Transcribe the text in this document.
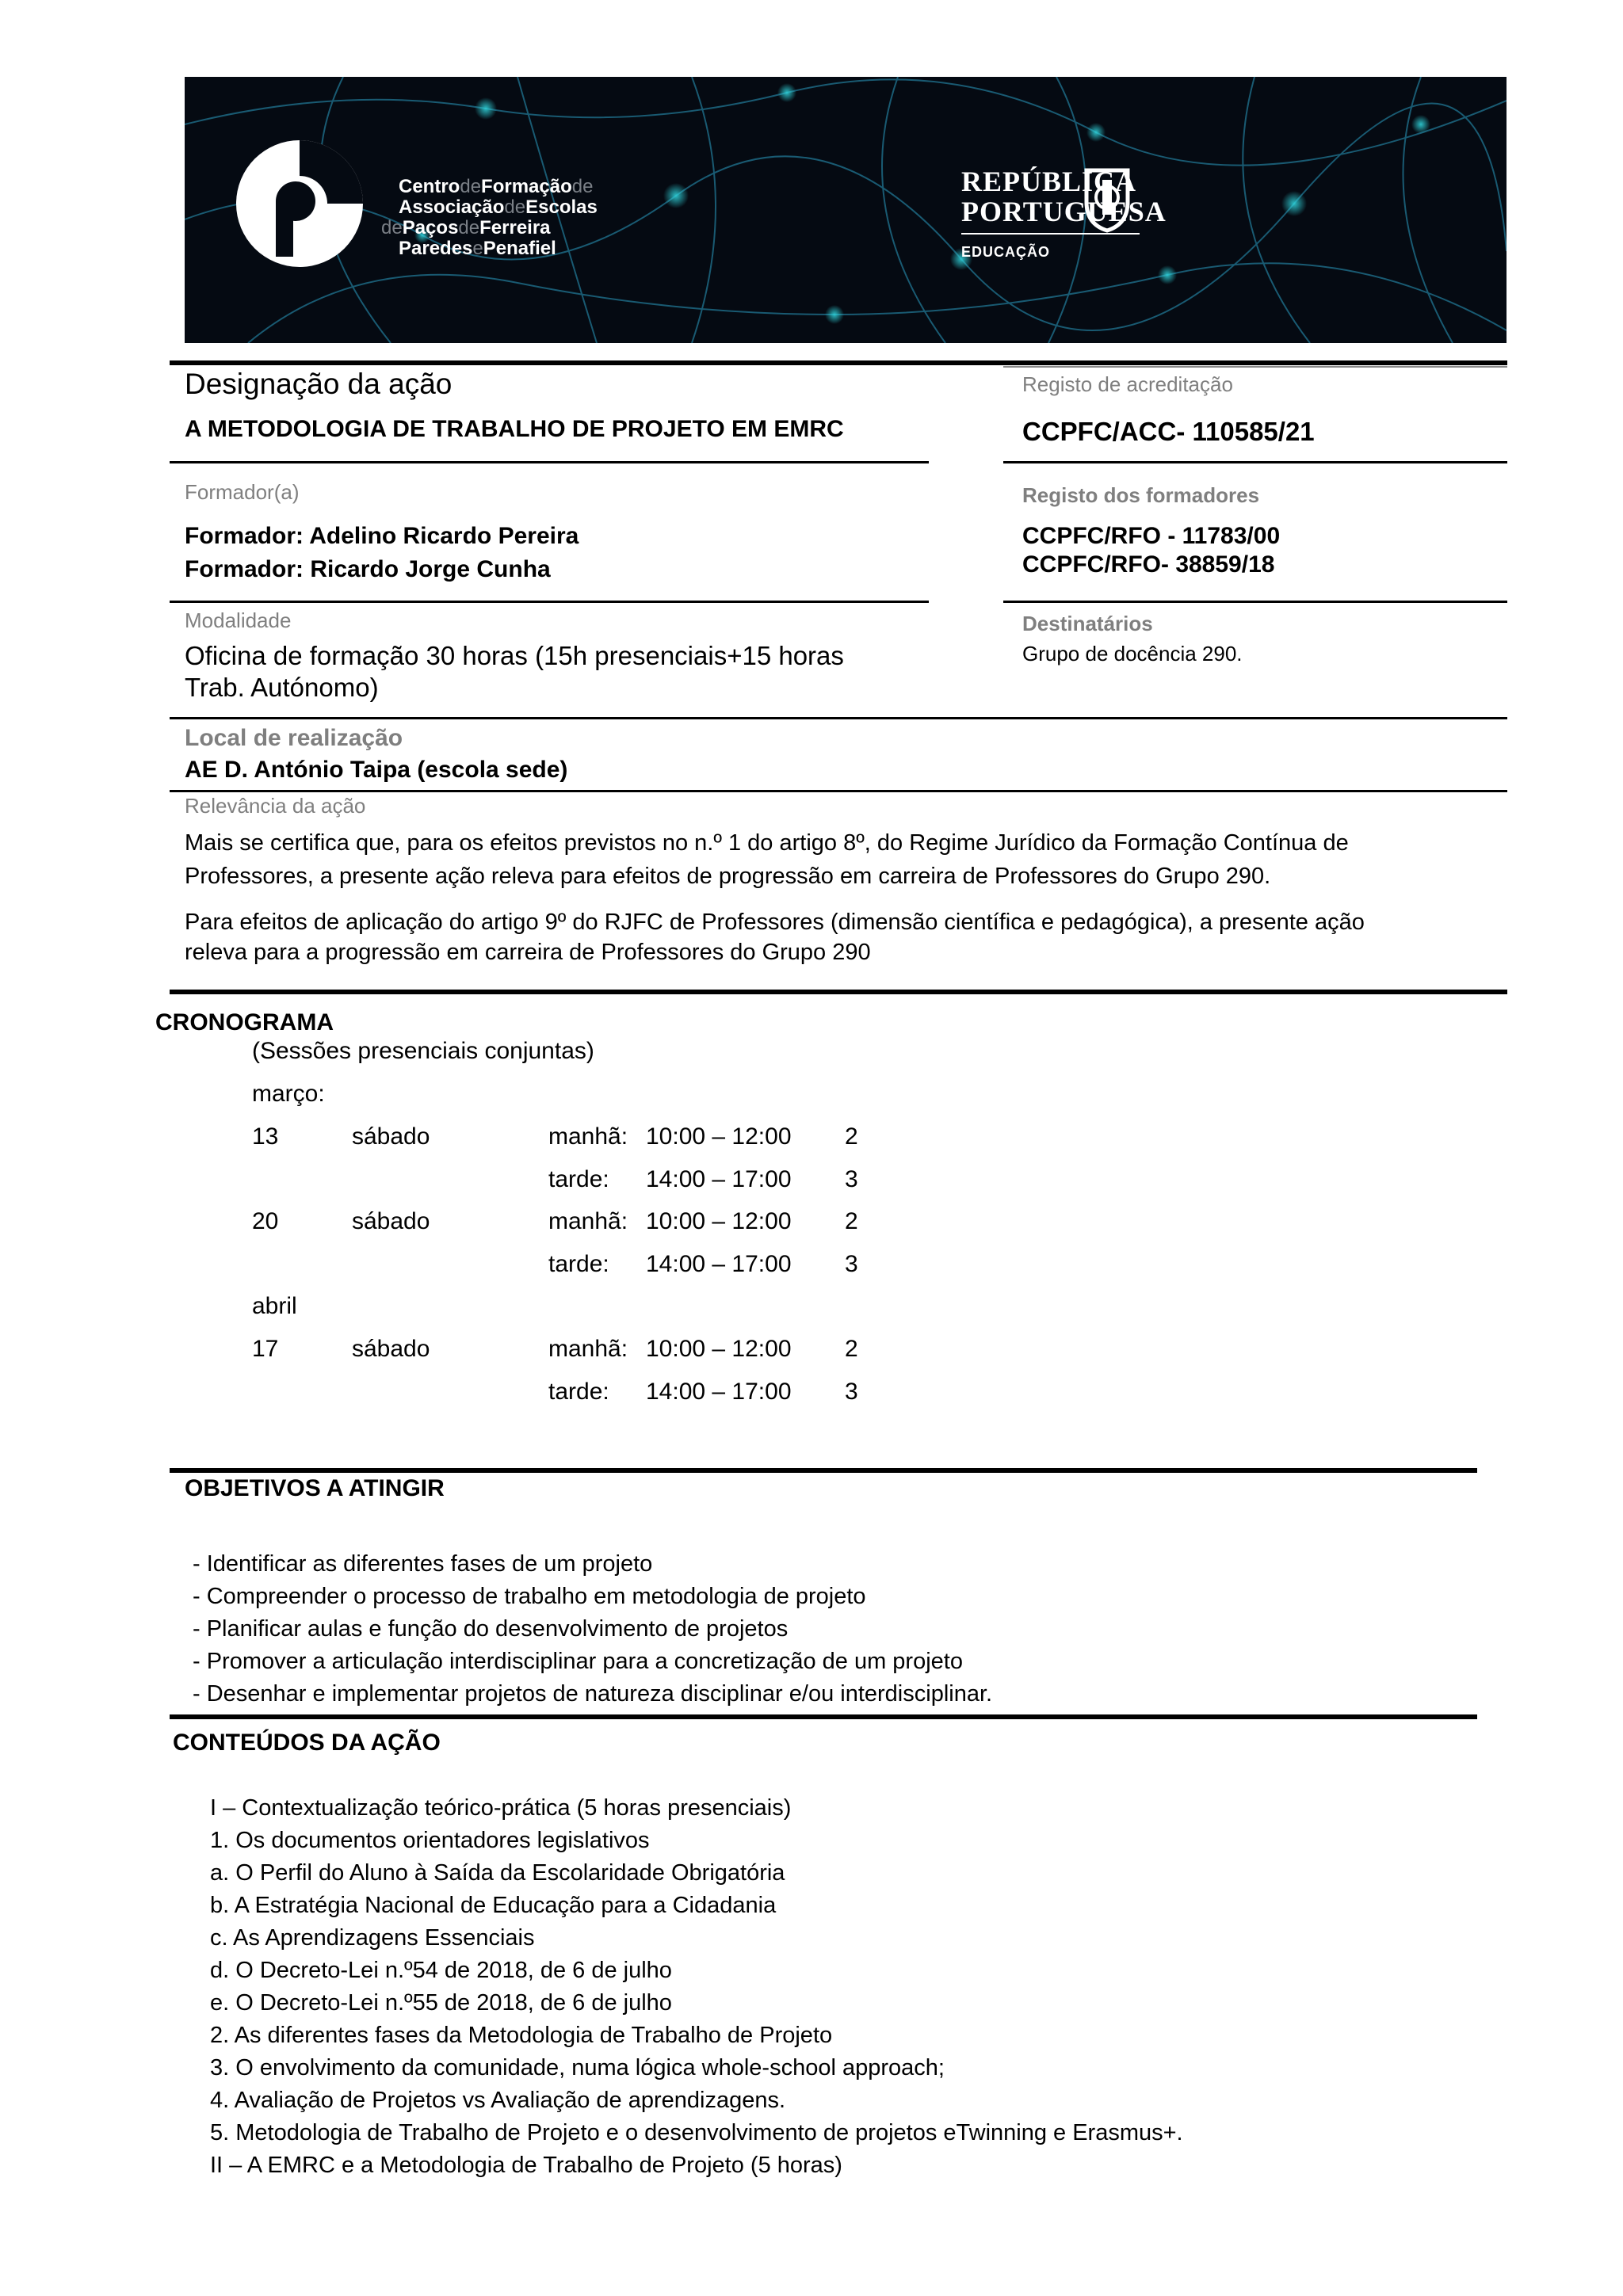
CentrodeFormaçãode
AssociaçãodeEscolas
dePaçosdeFerreira
ParedesePenafiel
REPÚBLICA
PORTUGUESA
EDUCAÇÃO
Designação da ação
A METODOLOGIA DE TRABALHO DE PROJETO EM EMRC
Formador(a)
Formador: Adelino Ricardo Pereira
Formador: Ricardo Jorge Cunha
Modalidade
Oficina de formação 30 horas (15h presenciais+15 horas
Trab. Autónomo)
Registo de acreditação
CCPFC/ACC- 110585/21
Registo dos formadores
CCPFC/RFO - 11783/00
CCPFC/RFO- 38859/18
Destinatários
Grupo de docência 290.
Local de realização
AE D. António Taipa (escola sede)
Relevância da ação
Mais se certifica que, para os efeitos previstos no n.º 1 do artigo 8º, do Regime Jurídico da Formação Contínua de
Professores, a presente ação releva para efeitos de progressão em carreira de Professores do Grupo 290.
Para efeitos de aplicação do artigo 9º do RJFC de Professores (dimensão científica e pedagógica), a presente ação
releva para a progressão em carreira de Professores do Grupo 290
CRONOGRAMA
(Sessões presenciais conjuntas)
março:
13	sábado	manhã: 10:00 – 12:00 2
tarde: 14:00 – 17:00 3
20	sábado	manhã: 10:00 – 12:00 2
tarde: 14:00 – 17:00 3
abril
17	sábado	manhã: 10:00 – 12:00 2
tarde: 14:00 – 17:00 3
OBJETIVOS A ATINGIR
- Identificar as diferentes fases de um projeto
- Compreender o processo de trabalho em metodologia de projeto
- Planificar aulas e função do desenvolvimento de projetos
- Promover a articulação interdisciplinar para a concretização de um projeto
- Desenhar e implementar projetos de natureza disciplinar e/ou interdisciplinar.
CONTEÚDOS DA AÇÃO
I – Contextualização teórico-prática (5 horas presenciais)
1. Os documentos orientadores legislativos
a. O Perfil do Aluno à Saída da Escolaridade Obrigatória
b. A Estratégia Nacional de Educação para a Cidadania
c. As Aprendizagens Essenciais
d. O Decreto-Lei n.º54 de 2018, de 6 de julho
e. O Decreto-Lei n.º55 de 2018, de 6 de julho
2. As diferentes fases da Metodologia de Trabalho de Projeto
3. O envolvimento da comunidade, numa lógica whole-school approach;
4. Avaliação de Projetos vs Avaliação de aprendizagens.
5. Metodologia de Trabalho de Projeto e o desenvolvimento de projetos eTwinning e Erasmus+.
II – A EMRC e a Metodologia de Trabalho de Projeto (5 horas)
